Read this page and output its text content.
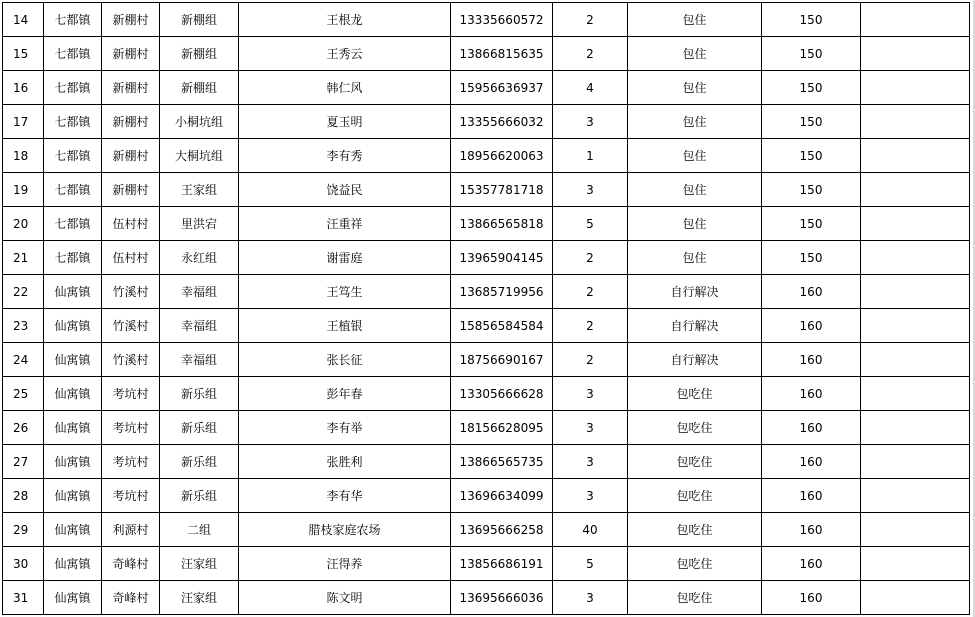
14	七都镇	新棚村	新棚组	王根龙	13335660572	2	包住	150	
15	七都镇	新棚村	新棚组	王秀云	13866815635	2	包住	150	
16	七都镇	新棚村	新棚组	韩仁风	15956636937	4	包住	150	
17	七都镇	新棚村	小桐坑组	夏玉明	13355666032	3	包住	150	
18	七都镇	新棚村	大桐坑组	李有秀	18956620063	1	包住	150	
19	七都镇	新棚村	王家组	饶益民	15357781718	3	包住	150	
20	七都镇	伍村村	里洪宕	汪重祥	13866565818	5	包住	150	
21	七都镇	伍村村	永红组	谢雷庭	13965904145	2	包住	150	
22	仙寓镇	竹溪村	幸福组	王笃生	13685719956	2	自行解决	160	
23	仙寓镇	竹溪村	幸福组	王植银	15856584584	2	自行解决	160	
24	仙寓镇	竹溪村	幸福组	张长征	18756690167	2	自行解决	160	
25	仙寓镇	考坑村	新乐组	彭年春	13305666628	3	包吃住	160	
26	仙寓镇	考坑村	新乐组	李有举	18156628095	3	包吃住	160	
27	仙寓镇	考坑村	新乐组	张胜利	13866565735	3	包吃住	160	
28	仙寓镇	考坑村	新乐组	李有华	13696634099	3	包吃住	160	
29	仙寓镇	利源村	二组	腊枝家庭农场	13695666258	40	包吃住	160	
30	仙寓镇	奇峰村	汪家组	汪得养	13856686191	5	包吃住	160	
31	仙寓镇	奇峰村	汪家组	陈文明	13695666036	3	包吃住	160	
